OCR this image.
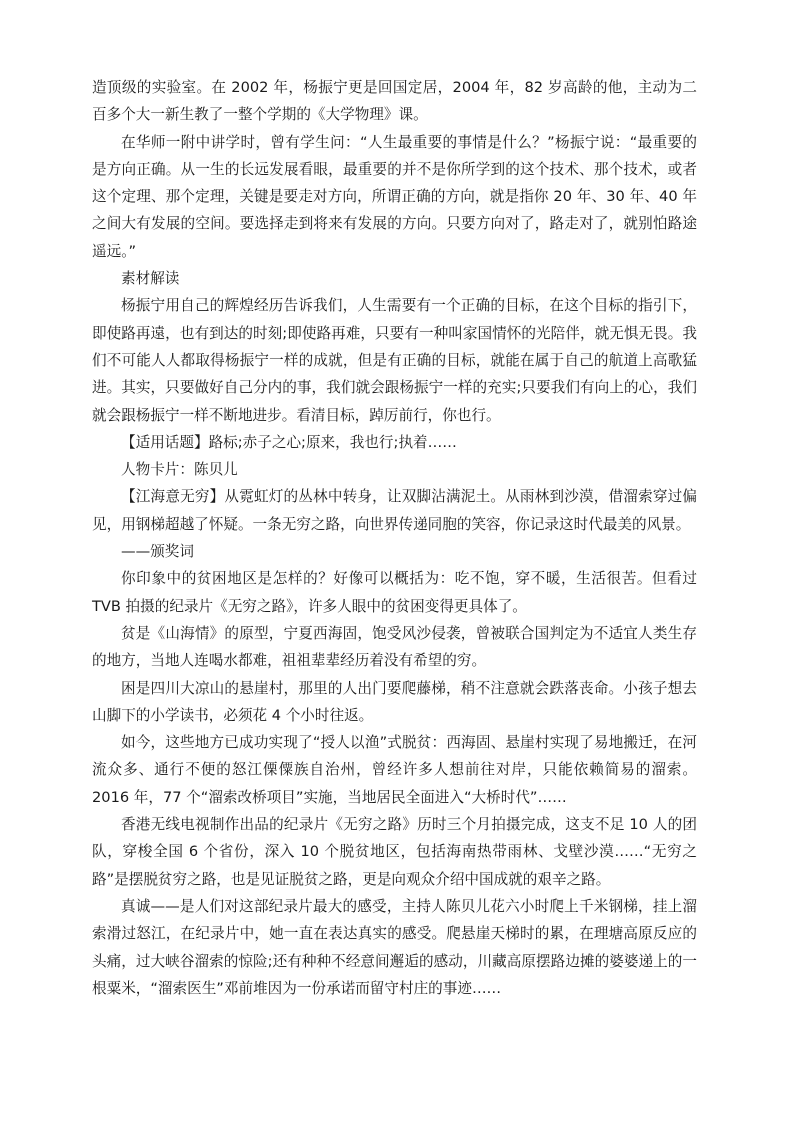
造顶级的实验室。在 2002 年，杨振宁更是回国定居，2004 年，82 岁高龄的他，主动为二百多个大一新生教了一整个学期的《大学物理》课。

在华师一附中讲学时，曾有学生问：“人生最重要的事情是什么？”杨振宁说：“最重要的是方向正确。从一生的长远发展看眼，最重要的并不是你所学到的这个技术、那个技术，或者这个定理、那个定理，关键是要走对方向，所谓正确的方向，就是指你 20 年、30 年、40 年之间大有发展的空间。要选择走到将来有发展的方向。只要方向对了，路走对了，就别怕路途遥远。”

素材解读

杨振宁用自己的辉煌经历告诉我们，人生需要有一个正确的目标，在这个目标的指引下，即使路再遠，也有到达的时刻;即使路再难，只要有一种叫家国情怀的光陪伴，就无惧无畏。我们不可能人人都取得杨振宁一样的成就，但是有正确的目标，就能在属于自己的航道上高歌猛进。其实，只要做好自己分内的事，我们就会跟杨振宁一样的充实;只要我们有向上的心，我们就会跟杨振宁一样不断地进步。看清目标，踔厉前行，你也行。

【适用话题】路标;赤子之心;原来，我也行;执着……

人物卡片：陈贝儿

【江海意无穷】从霓虹灯的丛林中转身，让双脚沾满泥土。从雨林到沙漠，借溜索穿过偏见，用钢梯超越了怀疑。一条无穷之路，向世界传递同胞的笑容，你记录这时代最美的风景。

——颁奖词

你印象中的贫困地区是怎样的？好像可以概括为：吃不饱，穿不暖，生活很苦。但看过 TVB 拍摄的纪录片《无穷之路》，许多人眼中的贫困变得更具体了。

贫是《山海情》的原型，宁夏西海固，饱受风沙侵袭，曾被联合国判定为不适宜人类生存的地方，当地人连喝水都难，祖祖辈辈经历着没有希望的穷。

困是四川大凉山的悬崖村，那里的人出门要爬藤梯，稍不注意就会跌落丧命。小孩子想去山脚下的小学读书，必须花 4 个小时往返。

如今，这些地方已成功实现了“授人以渔”式脱贫：西海固、悬崖村实现了易地搬迁，在河流众多、通行不便的怒江傈僳族自治州，曾经许多人想前往对岸，只能依赖简易的溜索。2016 年，77 个“溜索改桥项目”实施，当地居民全面进入“大桥时代”……

香港无线电视制作出品的纪录片《无穷之路》历时三个月拍摄完成，这支不足 10 人的团队，穿梭全国 6 个省份，深入 10 个脱贫地区，包括海南热带雨林、戈壁沙漠……“无穷之路”是摆脱贫穷之路，也是见证脱贫之路，更是向观众介绍中国成就的艰辛之路。

真诚——是人们对这部纪录片最大的感受，主持人陈贝儿花六小时爬上千米钢梯，挂上溜索滑过怒江，在纪录片中，她一直在表达真实的感受。爬悬崖天梯时的累，在理塘高原反应的头痛，过大峡谷溜索的惊险;还有种种不经意间邂逅的感动，川藏高原摆路边摊的婆婆递上的一根粟米，“溜索医生”邓前堆因为一份承诺而留守村庄的事迹……
